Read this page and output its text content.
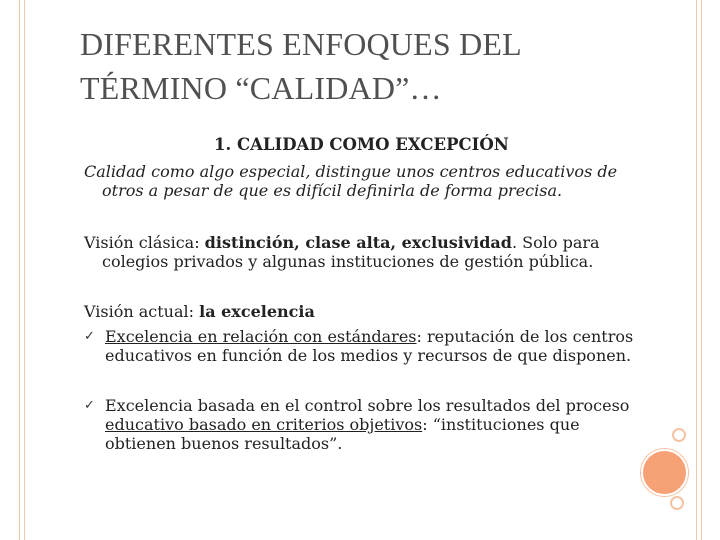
DIFERENTES ENFOQUES DEL
TÉRMINO “CALIDAD”…
1. CALIDAD COMO EXCEPCIÓN
Calidad como algo especial, distingue unos centros educativos de
otros a pesar de que es difícil definirla de forma precisa.
Visión clásica: distinción, clase alta, exclusividad. Solo para
colegios privados y algunas instituciones de gestión pública.
Visión actual: la excelencia
✓ Excelencia en relación con estándares: reputación de los centros
educativos en función de los medios y recursos de que disponen.
✓ Excelencia basada en el control sobre los resultados del proceso
educativo basado en criterios objetivos: “instituciones que
obtienen buenos resultados”.
